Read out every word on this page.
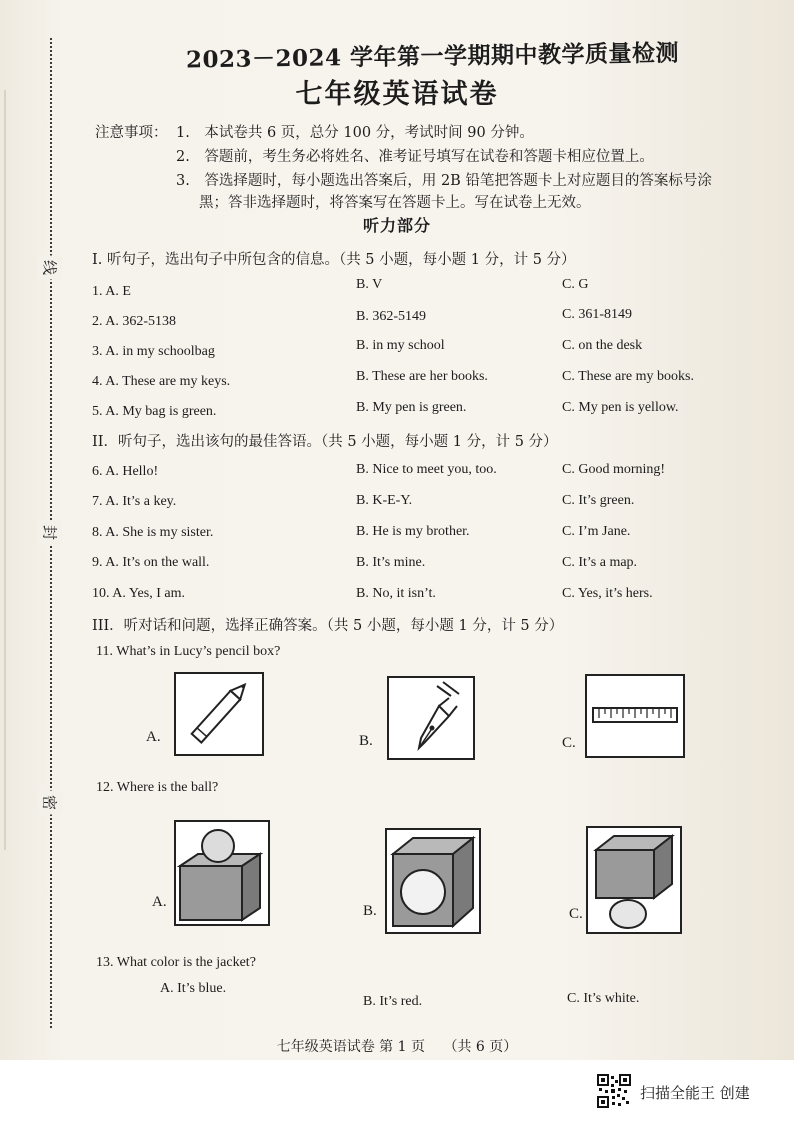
线
封
密
2023－2024 学年第一学期期中教学质量检测
七年级英语试卷
注意事项： 1.　本试卷共 6 页，总分 100 分，考试时间 90 分钟。
2.　答题前，考生务必将姓名、准考证号填写在试卷和答题卡相应位置上。
3.　答选择题时，每小题选出答案后，用 2B 铅笔把答题卡上对应题目的答案标号涂
黑；答非选择题时，将答案写在答题卡上。写在试卷上无效。
听力部分
I. 听句子，选出句子中所包含的信息。（共 5 小题，每小题 1 分，计 5 分）
1. A. E	B. V	C. G
2. A. 362-5138	B. 362-5149	C. 361-8149
3. A. in my schoolbag	B. in my school	C. on the desk
4. A. These are my keys.	B. These are her books.	C. These are my books.
5. A. My bag is green.	B. My pen is green.	C. My pen is yellow.
II．听句子，选出该句的最佳答语。（共 5 小题，每小题 1 分，计 5 分）
6. A. Hello!	B. Nice to meet you, too.	C. Good morning!
7. A. It’s a key.	B. K-E-Y.	C. It’s green.
8. A. She is my sister.	B. He is my brother.	C. I’m Jane.
9. A. It’s on the wall.	B. It’s mine.	C. It’s a map.
10. A. Yes, I am.	B. No, it isn’t.	C. Yes, it’s hers.
III．听对话和问题，选择正确答案。（共 5 小题，每小题 1 分，计 5 分）
11. What’s in Lucy’s pencil box?
A.	B.	C.
12. Where is the ball?
A.
B.	C.
13. What color is the jacket?
A. It’s blue.
B. It’s red.	C. It’s white.
七年级英语试卷 第 1 页　 （共 6 页）
扫描全能王 创建
